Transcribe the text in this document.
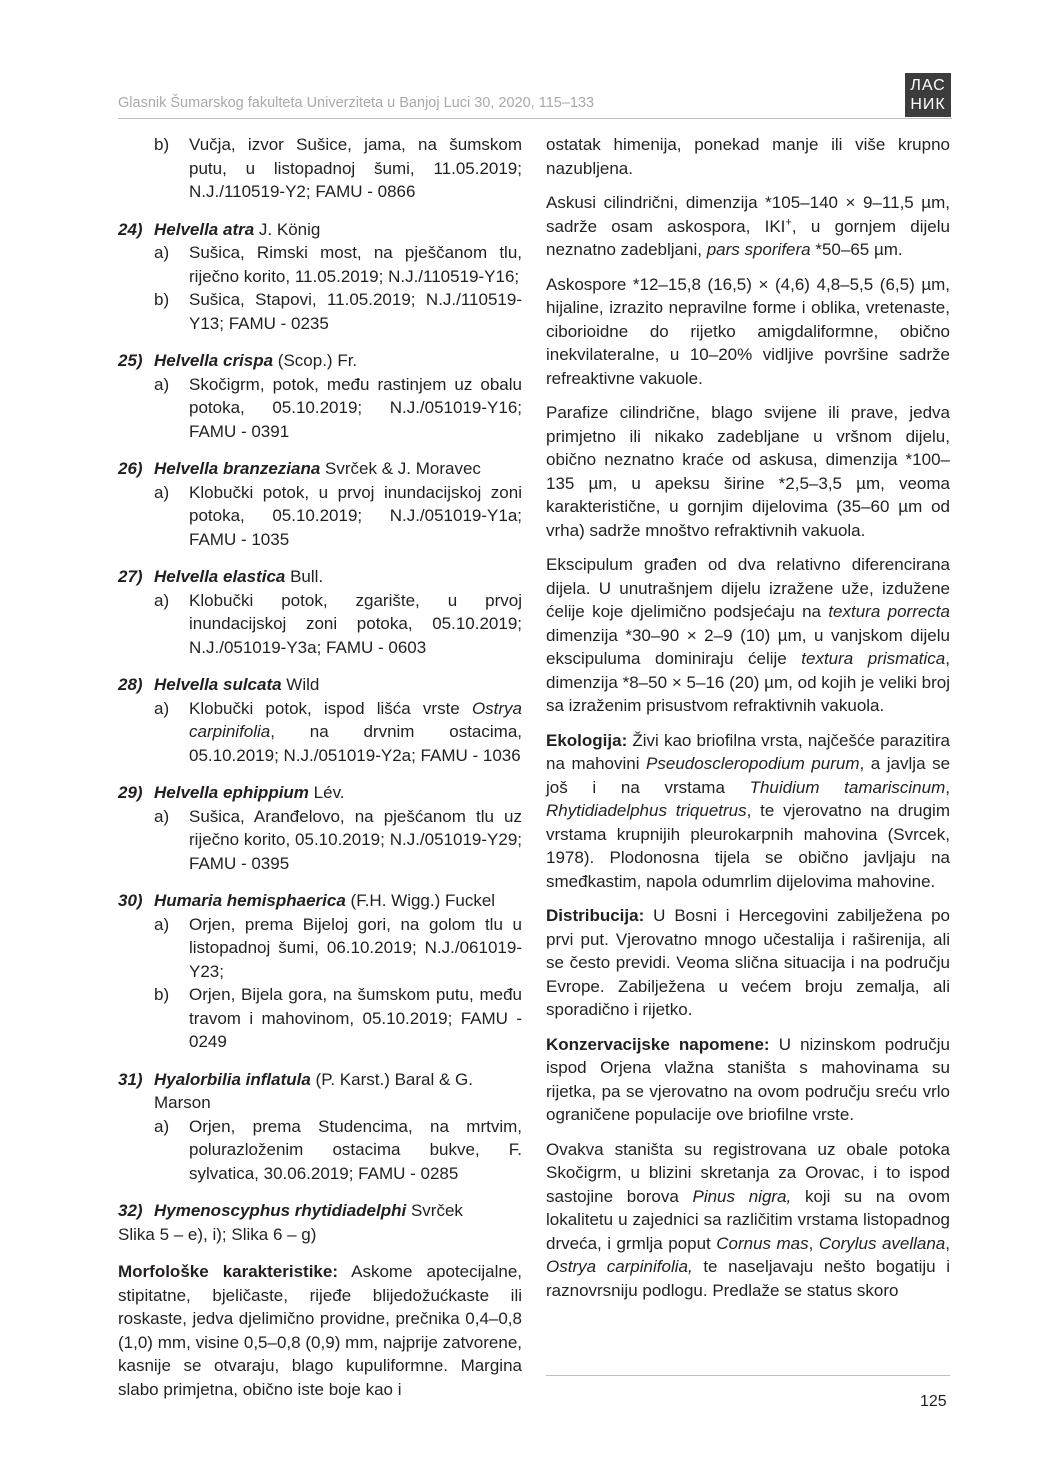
Glasnik Šumarskog fakulteta Univerziteta u Banjoj Luci 30, 2020, 115–133
ЛАС
НИК
b) Vučja, izvor Sušice, jama, na šumskom putu, u listopadnoj šumi, 11.05.2019; N.J./110519-Y2; FAMU - 0866
24) Helvella atra J. König
a) Sušica, Rimski most, na pješčanom tlu, riječno korito, 11.05.2019; N.J./110519-Y16;
b) Sušica, Stapovi, 11.05.2019; N.J./110519-Y13; FAMU - 0235
25) Helvella crispa (Scop.) Fr.
a) Skočigrm, potok, među rastinjem uz obalu potoka, 05.10.2019; N.J./051019-Y16; FAMU - 0391
26) Helvella branzeziana Svrček & J. Moravec
a) Klobučki potok, u prvoj inundacijskoj zoni potoka, 05.10.2019; N.J./051019-Y1a; FAMU - 1035
27) Helvella elastica Bull.
a) Klobučki potok, zgarište, u prvoj inundacijskoj zoni potoka, 05.10.2019; N.J./051019-Y3a; FAMU - 0603
28) Helvella sulcata Wild
a) Klobučki potok, ispod lišća vrste Ostrya carpinifolia, na drvnim ostacima, 05.10.2019; N.J./051019-Y2a; FAMU - 1036
29) Helvella ephippium Lév.
a) Sušica, Aranđelovo, na pješćanom tlu uz riječno korito, 05.10.2019; N.J./051019-Y29; FAMU - 0395
30) Humaria hemisphaerica (F.H. Wigg.) Fuckel
a) Orjen, prema Bijeloj gori, na golom tlu u listopadnoj šumi, 06.10.2019; N.J./061019-Y23;
b) Orjen, Bijela gora, na šumskom putu, među travom i mahovinom, 05.10.2019; FAMU - 0249
31) Hyalorbilia inflatula (P. Karst.) Baral & G. Marson
a) Orjen, prema Studencima, na mrtvim, polurazloženim ostacima bukve, F. sylvatica, 30.06.2019; FAMU - 0285
32) Hymenoscyphus rhytidiadelphi Svrček
Slika 5 – e), i); Slika 6 – g)

Morfološke karakteristike: Askome apotecijalne, stipitatne, bjeličaste, rijeđe blijedožućkaste ili roskaste, jedva djelimično providne, prečnika 0,4–0,8 (1,0) mm, visine 0,5–0,8 (0,9) mm, najprije zatvorene, kasnije se otvaraju, blago kupuliformne. Margina slabo primjetna, obično iste boje kao i

ostatak himenija, ponekad manje ili više krupno nazubljena.

Askusi cilindrični, dimenzija *105–140 × 9–11,5 µm, sadrže osam askospora, IKI+, u gornjem dijelu neznatno zadebljani, pars sporifera *50–65 µm.

Askospore *12–15,8 (16,5) × (4,6) 4,8–5,5 (6,5) µm, hijaline, izrazito nepravilne forme i oblika, vretenaste, ciborioidne do rijetko amigdaliformne, obično inekvilateralne, u 10–20% vidljive površine sadrže refreaktivne vakuole.

Parafize cilindrične, blago svijene ili prave, jedva primjetno ili nikako zadebljane u vršnom dijelu, obično neznatno kraće od askusa, dimenzija *100–135 µm, u apeksu širine *2,5–3,5 µm, veoma karakteristične, u gornjim dijelovima (35–60 µm od vrha) sadrže mnoštvo refraktivnih vakuola.

Ekscipulum građen od dva relativno diferencirana dijela. U unutrašnjem dijelu izražene uže, izdužene ćelije koje djelimično podsjećaju na textura porrecta dimenzija *30–90 × 2–9 (10) µm, u vanjskom dijelu ekscipuluma dominiraju ćelije textura prismatica, dimenzija *8–50 × 5–16 (20) µm, od kojih je veliki broj sa izraženim prisustvom refraktivnih vakuola.

Ekologija: Živi kao briofilna vrsta, najčešće parazitira na mahovini Pseudoscleropodium purum, a javlja se još i na vrstama Thuidium tamariscinum, Rhytidiadelphus triquetrus, te vjerovatno na drugim vrstama krupnijih pleurokarpnih mahovina (Svrcek, 1978). Plodonosna tijela se obično javljaju na smeđkastim, napola odumrlim dijelovima mahovine.

Distribucija: U Bosni i Hercegovini zabilježena po prvi put. Vjerovatno mnogo učestalija i raširenija, ali se često previdi. Veoma slična situacija i na području Evrope. Zabilježena u većem broju zemalja, ali sporadično i rijetko.

Konzervacijske napomene: U nizinskom području ispod Orjena vlažna staništa s mahovinama su rijetka, pa se vjerovatno na ovom području sreću vrlo ograničene populacije ove briofilne vrste.

Ovakva staništa su registrovana uz obale potoka Skočigrm, u blizini skretanja za Orovac, i to ispod sastojine borova Pinus nigra, koji su na ovom lokalitetu u zajednici sa različitim vrstama listopadnog drveća, i grmlja poput Cornus mas, Corylus avellana, Ostrya carpinifolia, te naseljavaju nešto bogatiju i raznovrsniju podlogu. Predlaže se status skoro

125
